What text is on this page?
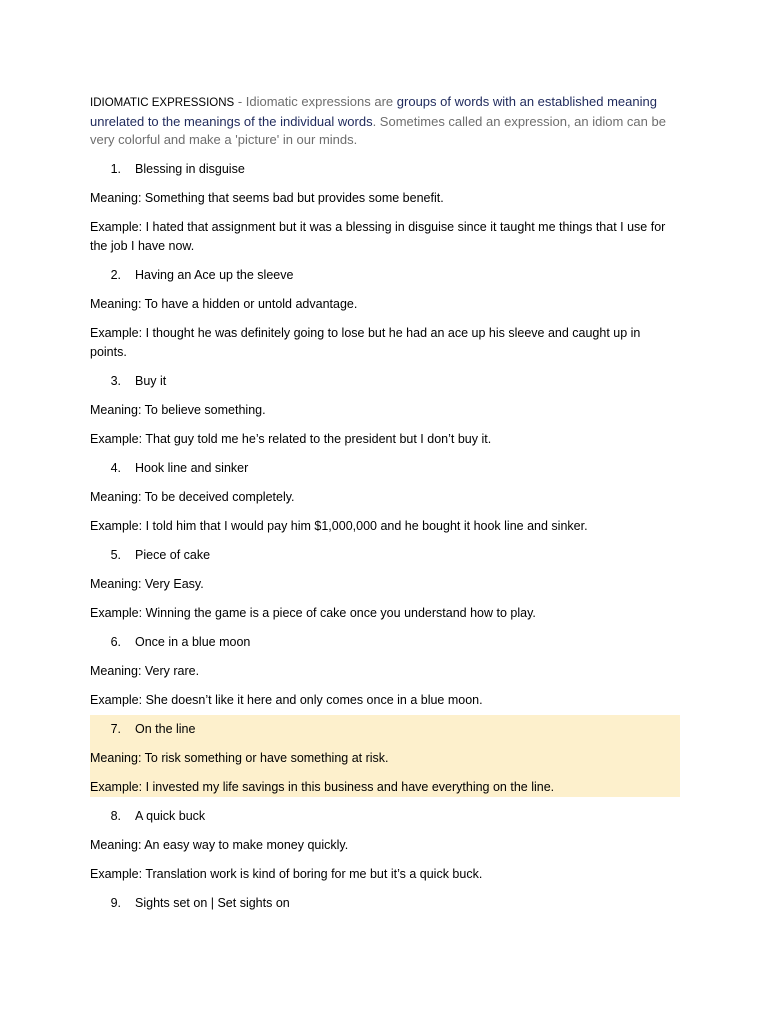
IDIOMATIC EXPRESSIONS - Idiomatic expressions are groups of words with an established meaning unrelated to the meanings of the individual words. Sometimes called an expression, an idiom can be very colorful and make a 'picture' in our minds.

1. Blessing in disguise

Meaning: Something that seems bad but provides some benefit.

Example: I hated that assignment but it was a blessing in disguise since it taught me things that I use for the job I have now.

2. Having an Ace up the sleeve

Meaning: To have a hidden or untold advantage.

Example: I thought he was definitely going to lose but he had an ace up his sleeve and caught up in points.

3. Buy it

Meaning: To believe something.

Example: That guy told me he’s related to the president but I don’t buy it.

4. Hook line and sinker

Meaning: To be deceived completely.

Example: I told him that I would pay him $1,000,000 and he bought it hook line and sinker.

5. Piece of cake

Meaning: Very Easy.

Example: Winning the game is a piece of cake once you understand how to play.

6. Once in a blue moon

Meaning: Very rare.

Example: She doesn’t like it here and only comes once in a blue moon.

7. On the line

Meaning: To risk something or have something at risk.

Example: I invested my life savings in this business and have everything on the line.

8. A quick buck

Meaning: An easy way to make money quickly.

Example: Translation work is kind of boring for me but it’s a quick buck.

9. Sights set on | Set sights on
